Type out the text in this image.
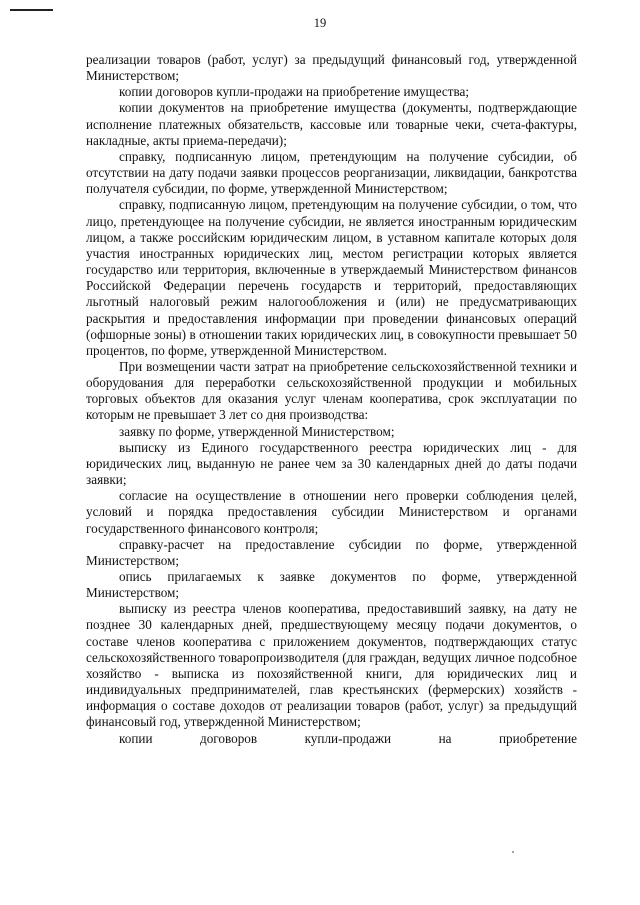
19

реализации товаров (работ, услуг) за предыдущий финансовый год, утвержденной Министерством;

копии договоров купли-продажи на приобретение имущества;

копии документов на приобретение имущества (документы, подтверждающие исполнение платежных обязательств, кассовые или товарные чеки, счета-фактуры, накладные, акты приема-передачи);

справку, подписанную лицом, претендующим на получение субсидии, об отсутствии на дату подачи заявки процессов реорганизации, ликвидации, банкротства получателя субсидии, по форме, утвержденной Министерством;

справку, подписанную лицом, претендующим на получение субсидии, о том, что лицо, претендующее на получение субсидии, не является иностранным юридическим лицом, а также российским юридическим лицом, в уставном капитале которых доля участия иностранных юридических лиц, местом регистрации которых является государство или территория, включенные в утверждаемый Министерством финансов Российской Федерации перечень государств и территорий, предоставляющих льготный налоговый режим налогообложения и (или) не предусматривающих раскрытия и предоставления информации при проведении финансовых операций (офшорные зоны) в отношении таких юридических лиц, в совокупности превышает 50 процентов, по форме, утвержденной Министерством.

При возмещении части затрат на приобретение сельскохозяйственной техники и оборудования для переработки сельскохозяйственной продукции и мобильных торговых объектов для оказания услуг членам кооператива, срок эксплуатации по которым не превышает 3 лет со дня производства:

заявку по форме, утвержденной Министерством;

выписку из Единого государственного реестра юридических лиц - для юридических лиц, выданную не ранее чем за 30 календарных дней до даты подачи заявки;

согласие на осуществление в отношении него проверки соблюдения целей, условий и порядка предоставления субсидии Министерством и органами государственного финансового контроля;

справку-расчет на предоставление субсидии по форме, утвержденной Министерством;

опись прилагаемых к заявке документов по форме, утвержденной Министерством;

выписку из реестра членов кооператива, предоставивший заявку, на дату не позднее 30 календарных дней, предшествующему месяцу подачи документов, о составе членов кооператива с приложением документов, подтверждающих статус сельскохозяйственного товаропроизводителя (для граждан, ведущих личное подсобное хозяйство - выписка из похозяйственной книги, для юридических лиц и индивидуальных предпринимателей, глав крестьянских (фермерских) хозяйств - информация о составе доходов от реализации товаров (работ, услуг) за предыдущий финансовый год, утвержденной Министерством;

копии договоров купли-продажи на приобретение
